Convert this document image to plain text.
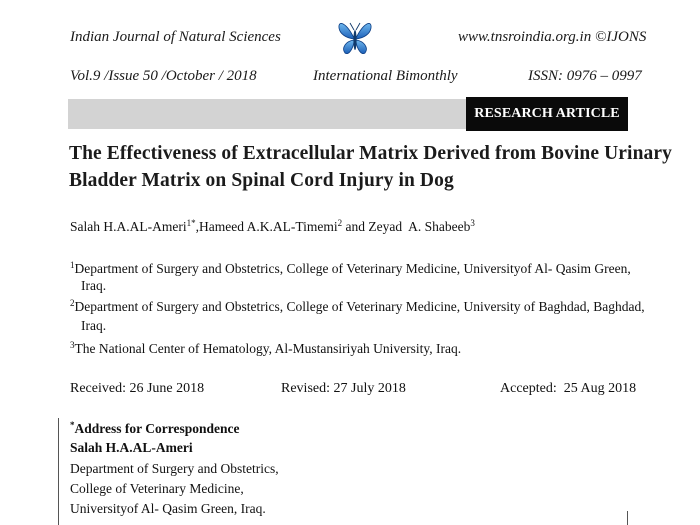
Indian Journal of Natural Sciences	www.tnsroindia.org.in ©IJONS
Vol.9 /Issue 50 /October / 2018	International Bimonthly	ISSN: 0976 – 0997
RESEARCH ARTICLE
The Effectiveness of Extracellular Matrix Derived from Bovine Urinary
Bladder Matrix on Spinal Cord Injury in Dog
Salah H.A.AL-Ameri$^{1*}$,Hameed A.K.AL-Timemi$^2$ and Zeyad  A. Shabeeb$^3$
$^1$Department of Surgery and Obstetrics, College of Veterinary Medicine, Universityof Al- Qasim Green,
Iraq.
$^2$Department of Surgery and Obstetrics, College of Veterinary Medicine, University of Baghdad, Baghdad,
Iraq.
$^3$The National Center of Hematology, Al-Mustansiriyah University, Iraq.
Received: 26 June 2018	Revised: 27 July 2018	Accepted:  25 Aug 2018
*Address for Correspondence
Salah H.A.AL-Ameri
Department of Surgery and Obstetrics,
College of Veterinary Medicine,
Universityof Al- Qasim Green, Iraq.
